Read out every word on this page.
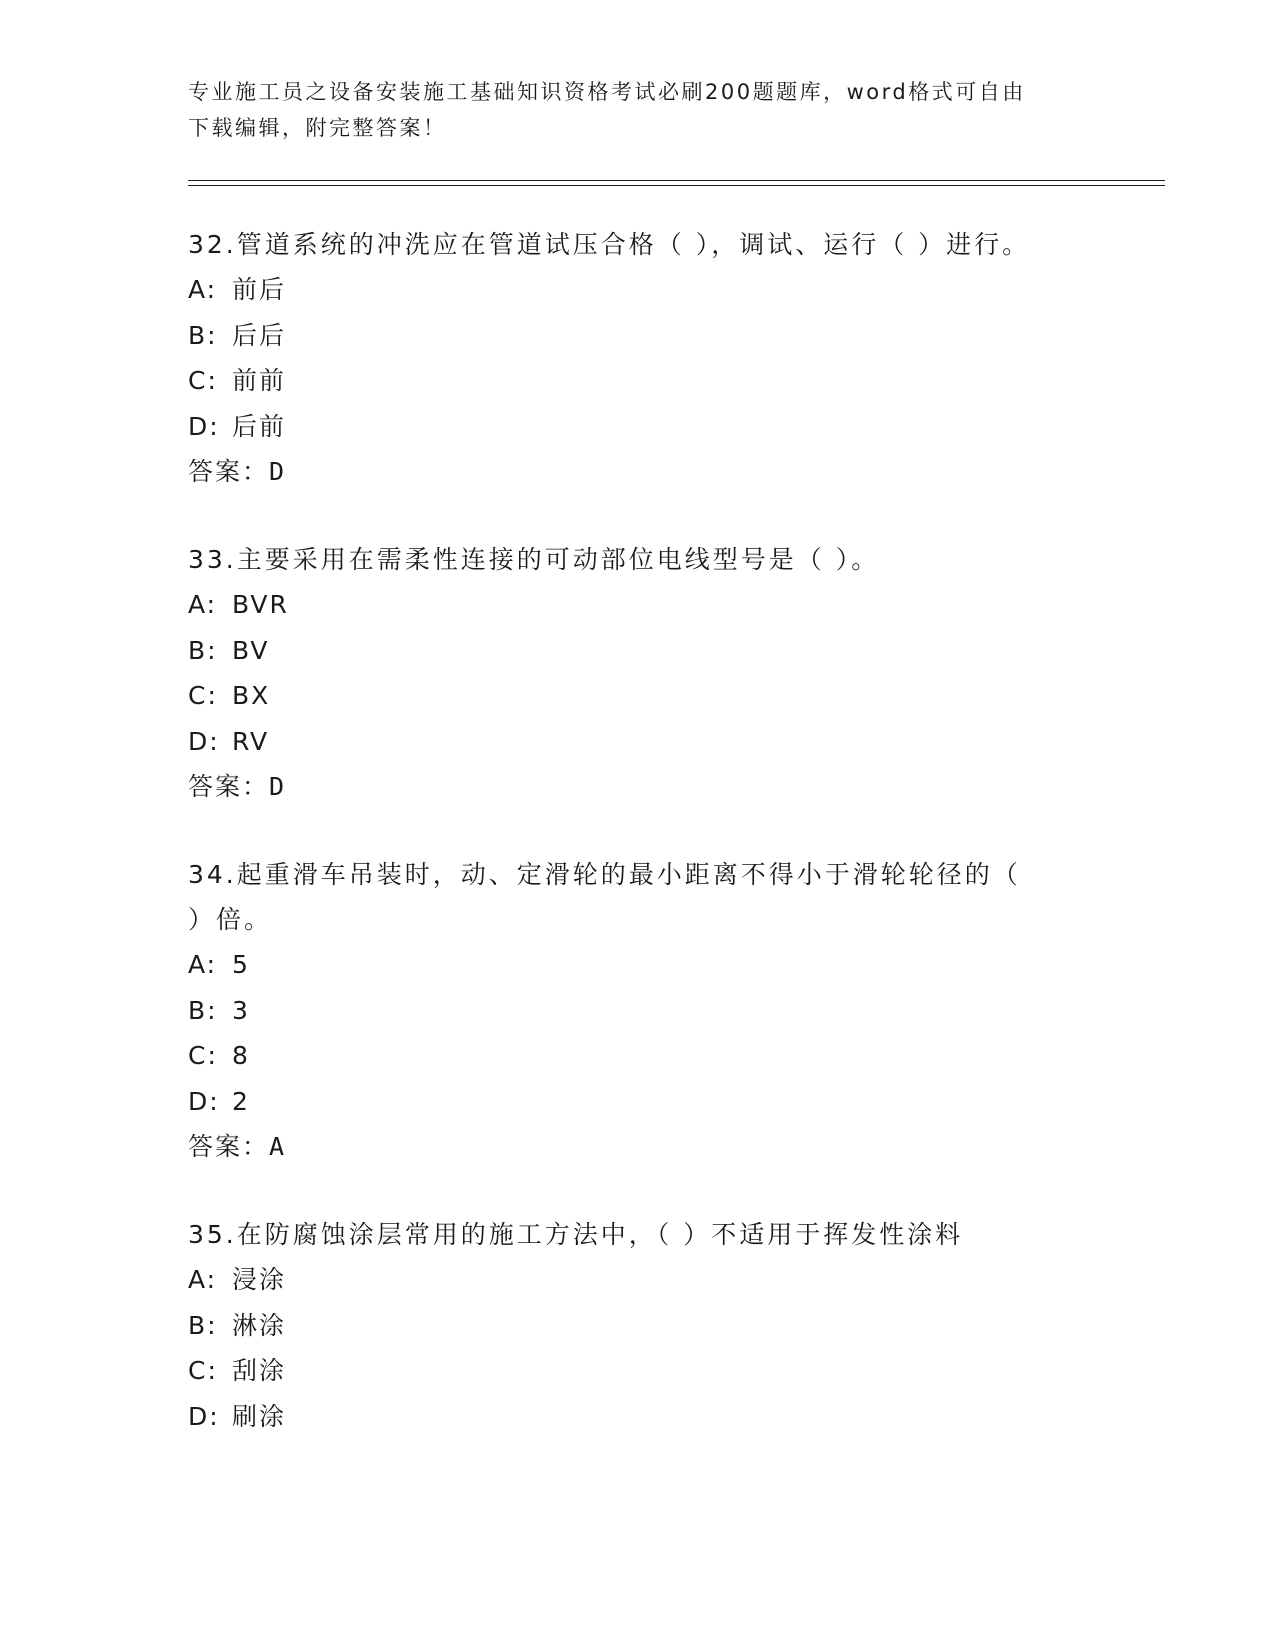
专业施工员之设备安装施工基础知识资格考试必刷200题题库，word格式可自由
下载编辑，附完整答案！

32.管道系统的冲洗应在管道试压合格（ ），调试、运行（ ）进行。

A: 前后

B: 后后

C: 前前

D: 后前

答案：D

33.主要采用在需柔性连接的可动部位电线型号是（ ）。

A: BVR

B: BV

C: BX

D: RV

答案：D

34.起重滑车吊装时，动、定滑轮的最小距离不得小于滑轮轮径的（

）倍。

A: 5

B: 3

C: 8

D: 2

答案：A

35.在防腐蚀涂层常用的施工方法中，（ ）不适用于挥发性涂料

A: 浸涂

B: 淋涂

C: 刮涂

D: 刷涂
